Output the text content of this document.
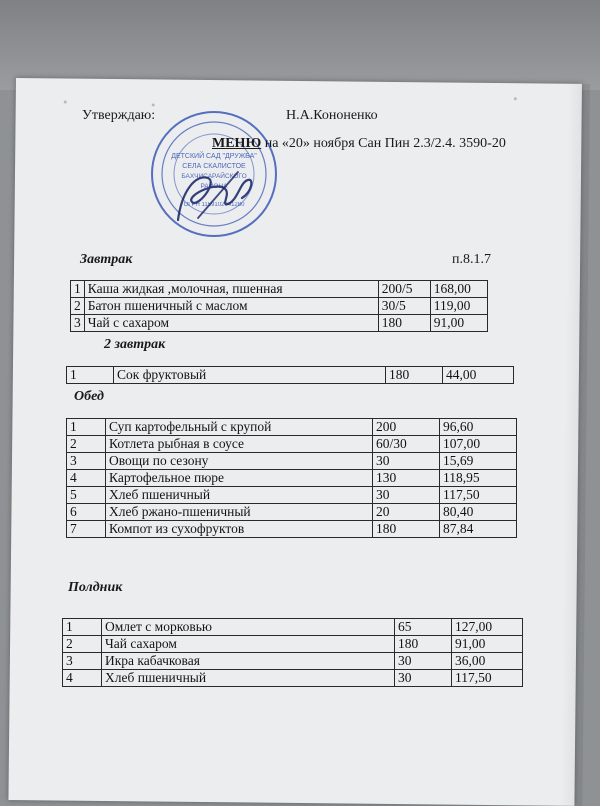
ДЕТСКИЙ САД "ДРУЖБА"
СЕЛА СКАЛИСТОЕ
БАХЧИСАРАЙСКОГО
РАЙОНА
ОГРН 1159102041280
Утверждаю:	Н.А.Кононенко
МЕНЮ на «20» ноября Сан Пин 2.3/2.4. 3590-20
Завтрак	п.8.1.7
1	Каша жидкая ,молочная, пшенная	200/5	168,00
2	Батон пшеничный с маслом	30/5	119,00
3	Чай с сахаром	180	91,00
2 завтрак
1	Сок фруктовый	180	44,00
Обед
1	Суп картофельный с крупой	200	96,60
2	Котлета рыбная в соусе	60/30	107,00
3	Овощи по сезону	30	15,69
4	Картофельное пюре	130	118,95
5	Хлеб пшеничный	30	117,50
6	Хлеб ржано-пшеничный	20	80,40
7	Компот из сухофруктов	180	87,84
Полдник
1	Омлет с морковью	65	127,00
2	Чай сахаром	180	91,00
3	Икра кабачковая	30	36,00
4	Хлеб пшеничный	30	117,50
